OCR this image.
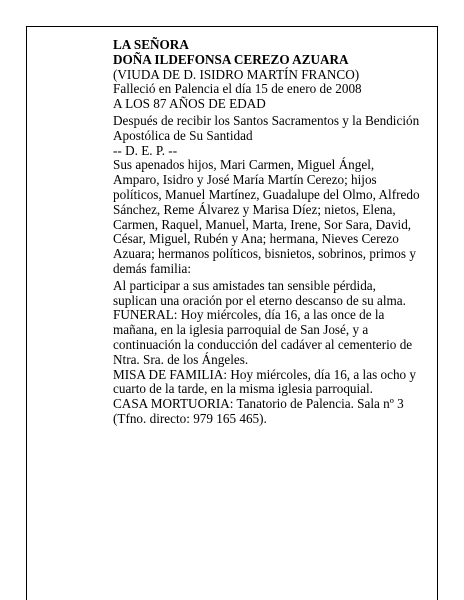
LA SEÑORA

DOÑA ILDEFONSA CEREZO AZUARA

(VIUDA DE D. ISIDRO MARTÍN FRANCO)

Falleció en Palencia el día 15 de enero de 2008

A LOS 87 AÑOS DE EDAD

Después de recibir los Santos Sacramentos y la Bendición Apostólica de Su Santidad

-- D. E. P. --

Sus apenados hijos, Mari Carmen, Miguel Ángel, Amparo, Isidro y José María Martín Cerezo; hijos políticos, Manuel Martínez, Guadalupe del Olmo, Alfredo Sánchez, Reme Álvarez y Marisa Díez; nietos, Elena, Carmen, Raquel, Manuel, Marta, Irene, Sor Sara, David, César, Miguel, Rubén y Ana; hermana, Nieves Cerezo Azuara; hermanos políticos, bisnietos, sobrinos, primos y demás familia:

Al participar a sus amistades tan sensible pérdida, suplican una oración por el eterno descanso de su alma.

FUNERAL: Hoy miércoles, día 16, a las once de la mañana, en la iglesia parroquial de San José, y a continuación la conducción del cadáver al cementerio de Ntra. Sra. de los Ángeles.

MISA DE FAMILIA: Hoy miércoles, día 16, a las ocho y cuarto de la tarde, en la misma iglesia parroquial.

CASA MORTUORIA: Tanatorio de Palencia. Sala nº 3 (Tfno. directo: 979 165 465).
